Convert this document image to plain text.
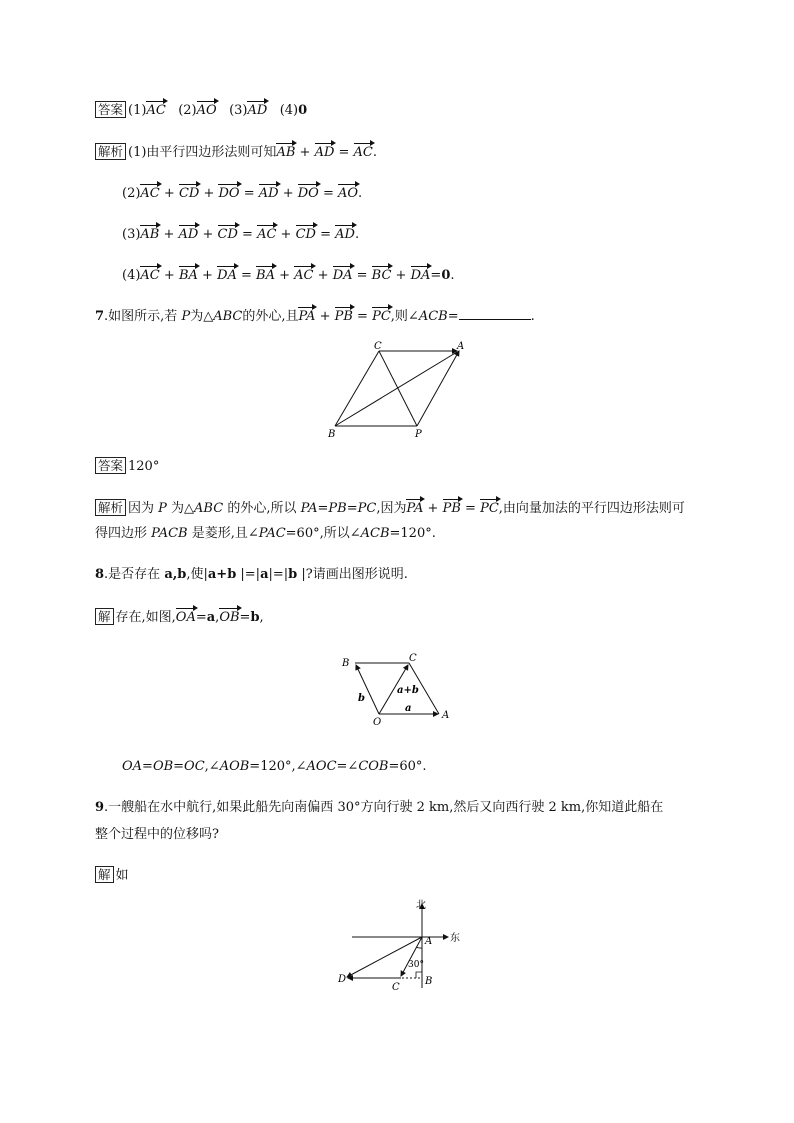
答案 (1)AC (2)AO (3)AD (4)0
解析 (1)由平行四边形法则可知AB + AD = AC.
(2)AC + CD + DO = AD + DO = AO.
(3)AB + AD + CD = AC + CD = AD.
(4)AC + BA + DA = BA + AC + DA = BC + DA=0.
7.如图所示,若 P为△ABC的外心,且PA + PB = PC,则∠ACB=	.
C	A
B	P
答案 120°
解析 因为 P 为△ABC 的外心,所以 PA=PB=PC,因为PA + PB = PC,由向量加法的平行四边形法则可
得四边形 PACB 是菱形,且∠PAC=60°,所以∠ACB=120°.
8.是否存在 a,b,使|a+b |=|a|=|b |?请画出图形说明.
解 存在,如图,OA=a,OB=b,
B	C
O
A
b
a
a+b
OA=OB=OC,∠AOB=120°,∠AOC=∠COB=60°.
9.一艘船在水中航行,如果此船先向南偏西 30°方向行驶 2 km,然后又向西行驶 2 km,你知道此船在
整个过程中的位移吗?
解 如
北
东
A
B
C
D
30°
